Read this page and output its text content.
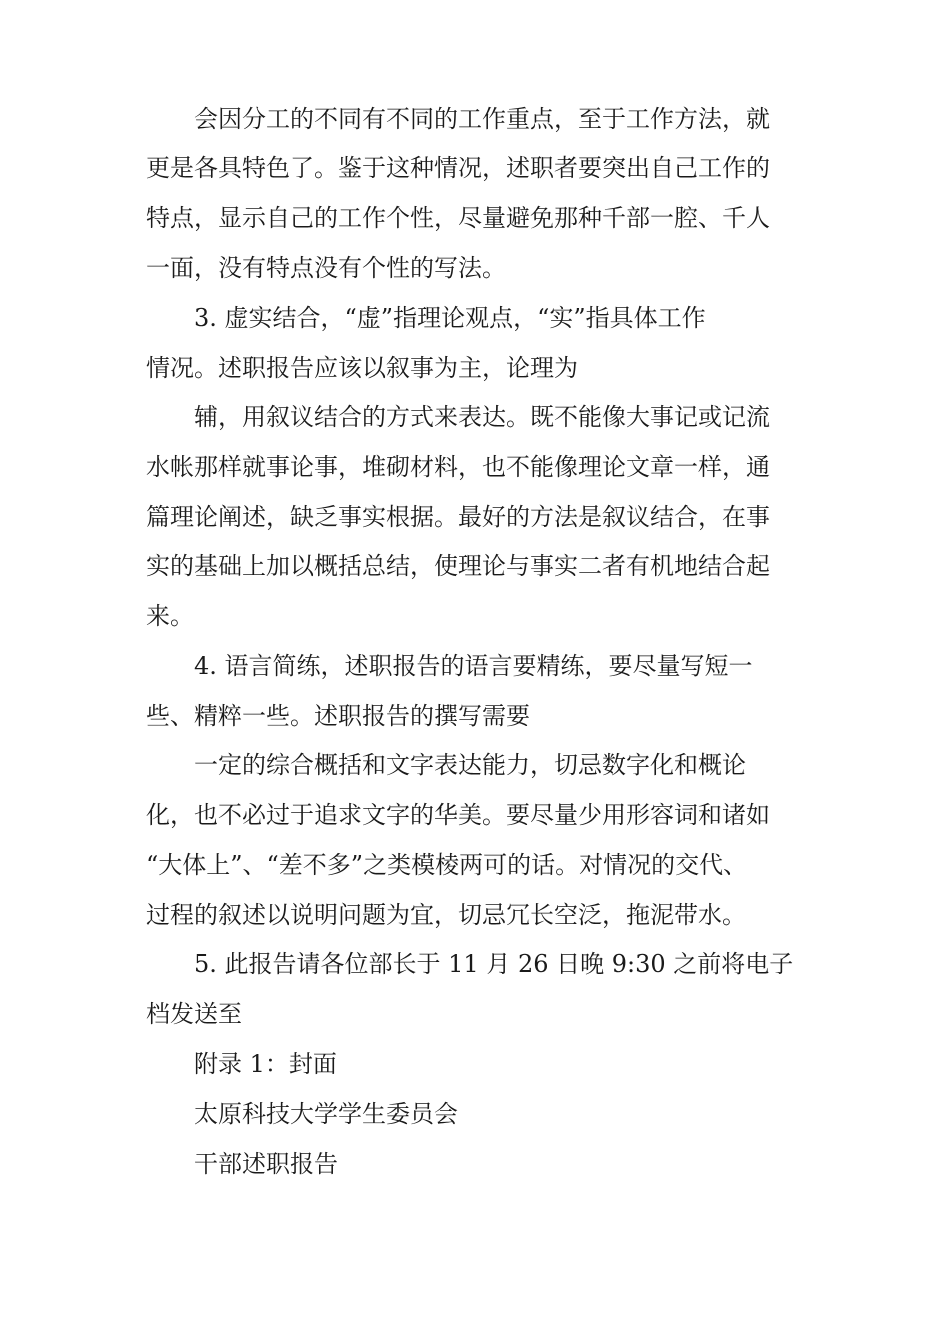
会因分工的不同有不同的工作重点，至于工作方法，就

更是各具特色了。鉴于这种情况，述职者要突出自己工作的

特点，显示自己的工作个性，尽量避免那种千部一腔、千人

一面，没有特点没有个性的写法。

3. 虚实结合，“虚”指理论观点，“实”指具体工作

情况。述职报告应该以叙事为主，论理为

辅，用叙议结合的方式来表达。既不能像大事记或记流

水帐那样就事论事，堆砌材料，也不能像理论文章一样，通

篇理论阐述，缺乏事实根据。最好的方法是叙议结合，在事

实的基础上加以概括总结，使理论与事实二者有机地结合起

来。

4. 语言简练，述职报告的语言要精练，要尽量写短一

些、精粹一些。述职报告的撰写需要

一定的综合概括和文字表达能力，切忌数字化和概论

化，也不必过于追求文字的华美。要尽量少用形容词和诸如

“大体上”、“差不多”之类模棱两可的话。对情况的交代、

过程的叙述以说明问题为宜，切忌冗长空泛，拖泥带水。

5. 此报告请各位部长于 11 月 26 日晚 9:30 之前将电子

档发送至

附录 1：封面

太原科技大学学生委员会

干部述职报告
